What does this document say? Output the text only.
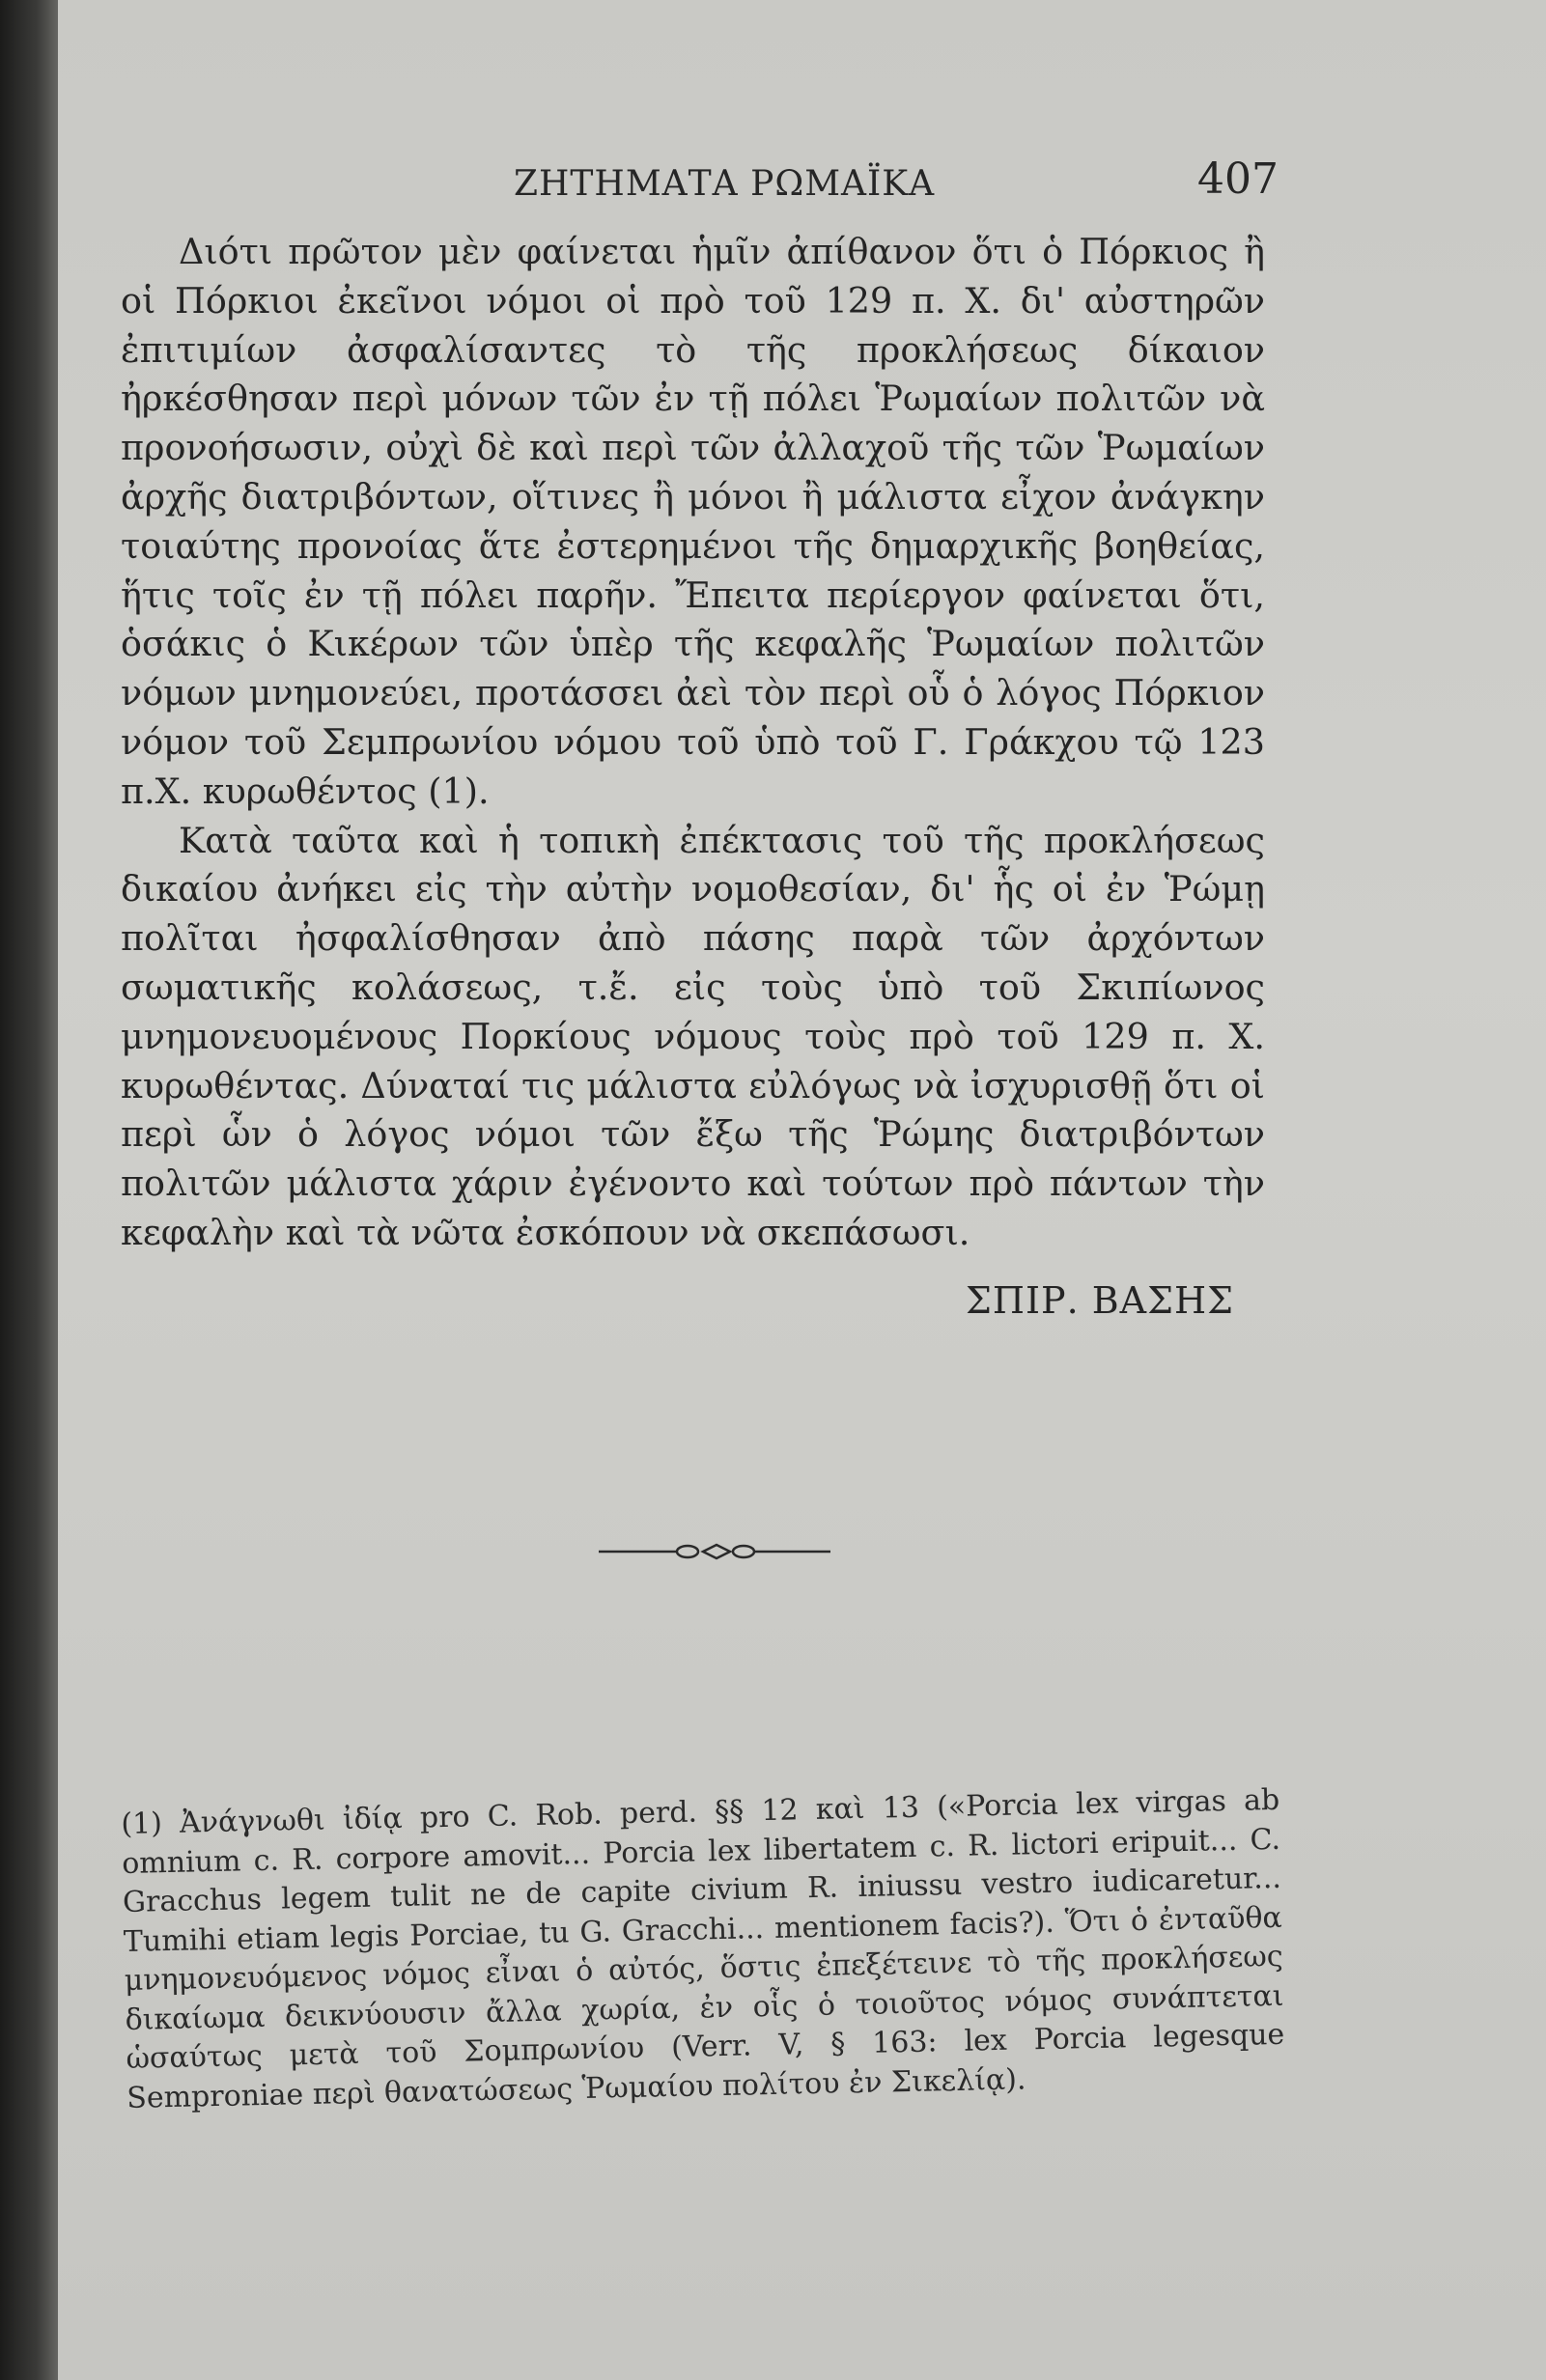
ΖΗΤΗΜΑΤΑ ΡΩΜΑΪΚΑ	407

Διότι πρῶτον μὲν φαίνεται ἡμῖν ἀπίθανον ὅτι ὁ Πόρκιος ἢ οἱ Πόρκιοι ἐκεῖνοι νόμοι οἱ πρὸ τοῦ 129 π. Χ. δι' αὐστηρῶν ἐπιτιμίων ἀσφαλίσαντες τὸ τῆς προκλήσεως δίκαιον ἠρκέσθησαν περὶ μόνων τῶν ἐν τῇ πόλει Ῥωμαίων πολιτῶν νὰ προνοήσωσιν, οὐχὶ δὲ καὶ περὶ τῶν ἀλλαχοῦ τῆς τῶν Ῥωμαίων ἀρχῆς διατριβόντων, οἵτινες ἢ μόνοι ἢ μάλιστα εἶχον ἀνάγκην τοιαύτης προνοίας ἅτε ἐστερημένοι τῆς δημαρχικῆς βοηθείας, ἥτις τοῖς ἐν τῇ πόλει παρῆν. Ἔπειτα περίεργον φαίνεται ὅτι, ὁσάκις ὁ Κικέρων τῶν ὑπὲρ τῆς κεφαλῆς Ῥωμαίων πολιτῶν νόμων μνημονεύει, προτάσσει ἀεὶ τὸν περὶ οὗ ὁ λόγος Πόρκιον νόμον τοῦ Σεμπρωνίου νόμου τοῦ ὑπὸ τοῦ Γ. Γράκχου τῷ 123 π.Χ. κυρωθέντος (1).

Κατὰ ταῦτα καὶ ἡ τοπικὴ ἐπέκτασις τοῦ τῆς προκλήσεως δικαίου ἀνήκει εἰς τὴν αὐτὴν νομοθεσίαν, δι' ἧς οἱ ἐν Ῥώμῃ πολῖται ἠσφαλίσθησαν ἀπὸ πάσης παρὰ τῶν ἀρχόντων σωματικῆς κολάσεως, τ.ἔ. εἰς τοὺς ὑπὸ τοῦ Σκιπίωνος μνημονευομένους Πορκίους νόμους τοὺς πρὸ τοῦ 129 π. Χ. κυρωθέντας. Δύναταί τις μάλιστα εὐλόγως νὰ ἰσχυρισθῇ ὅτι οἱ περὶ ὧν ὁ λόγος νόμοι τῶν ἔξω τῆς Ῥώμης διατριβόντων πολιτῶν μάλιστα χάριν ἐγένοντο καὶ τούτων πρὸ πάντων τὴν κεφαλὴν καὶ τὰ νῶτα ἐσκόπουν νὰ σκεπάσωσι.

ΣΠΙΡ. ΒΑΣΗΣ

(1) Ἀνάγνωθι ἰδίᾳ pro C. Rob. perd. §§ 12 καὶ 13 («Porcia lex virgas ab omnium c. R. corpore amovit... Porcia lex libertatem c. R. lictori eripuit... C. Gracchus legem tulit ne de capite civium R. iniussu vestro iudicaretur... Tumihi etiam legis Porciae, tu G. Gracchi... mentionem facis?). Ὅτι ὁ ἐνταῦθα μνημονευόμενος νόμος εἶναι ὁ αὐτός, ὅστις ἐπεξέτεινε τὸ τῆς προκλήσεως δικαίωμα δεικνύουσιν ἄλλα χωρία, ἐν οἷς ὁ τοιοῦτος νόμος συνάπτεται ὡσαύτως μετὰ τοῦ Σομπρωνίου (Verr. V, § 163: lex Porcia legesque Semproniae περὶ θανατώσεως Ῥωμαίου πολίτου ἐν Σικελίᾳ).
